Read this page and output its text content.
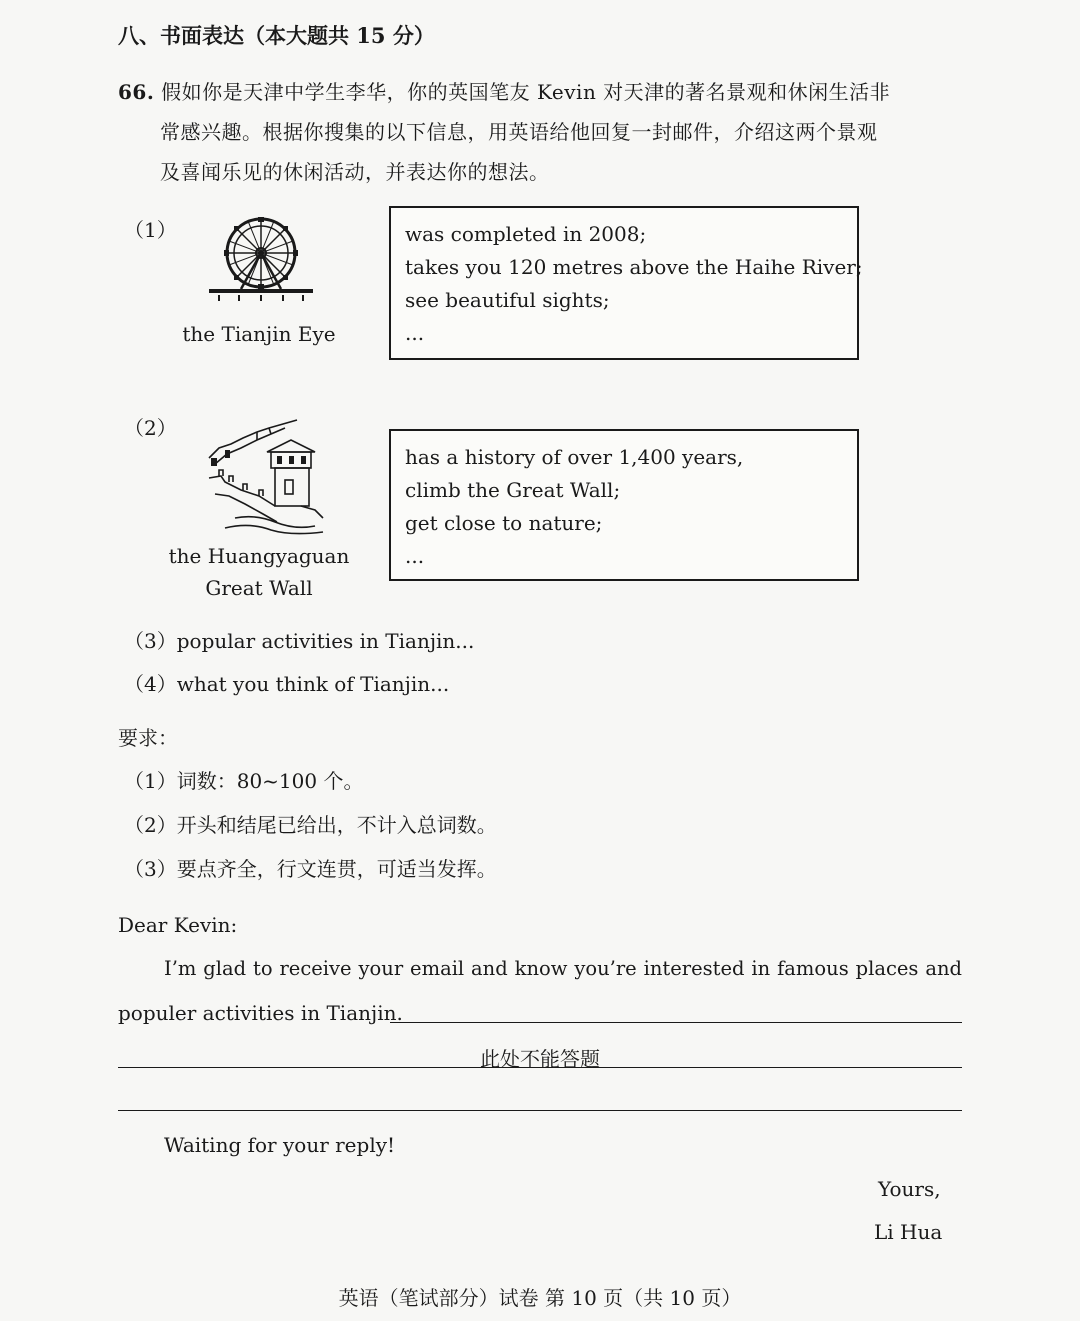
八、书面表达（本大题共 15 分）
66. 假如你是天津中学生李华，你的英国笔友 Kevin 对天津的著名景观和休闲生活非
常感兴趣。根据你搜集的以下信息，用英语给他回复一封邮件，介绍这两个景观
及喜闻乐见的休闲活动，并表达你的想法。
（1）
the Tianjin Eye
was completed in 2008;
takes you 120 metres above the Haihe River;
see beautiful sights;
...
（2）
the Huangyaguan
Great Wall
has a history of over 1,400 years,
climb the Great Wall;
get close to nature;
...
（3）popular activities in Tianjin...
（4）what you think of Tianjin...
要求：
（1）词数：80~100 个。
（2）开头和结尾已给出，不计入总词数。
（3）要点齐全，行文连贯，可适当发挥。
Dear Kevin:
I’m glad to receive your email and know you’re interested in famous places and
populer activities in Tianjin.
此处不能答题
Waiting for your reply!
Yours,
Li Hua
英语（笔试部分）试卷 第 10 页（共 10 页）
